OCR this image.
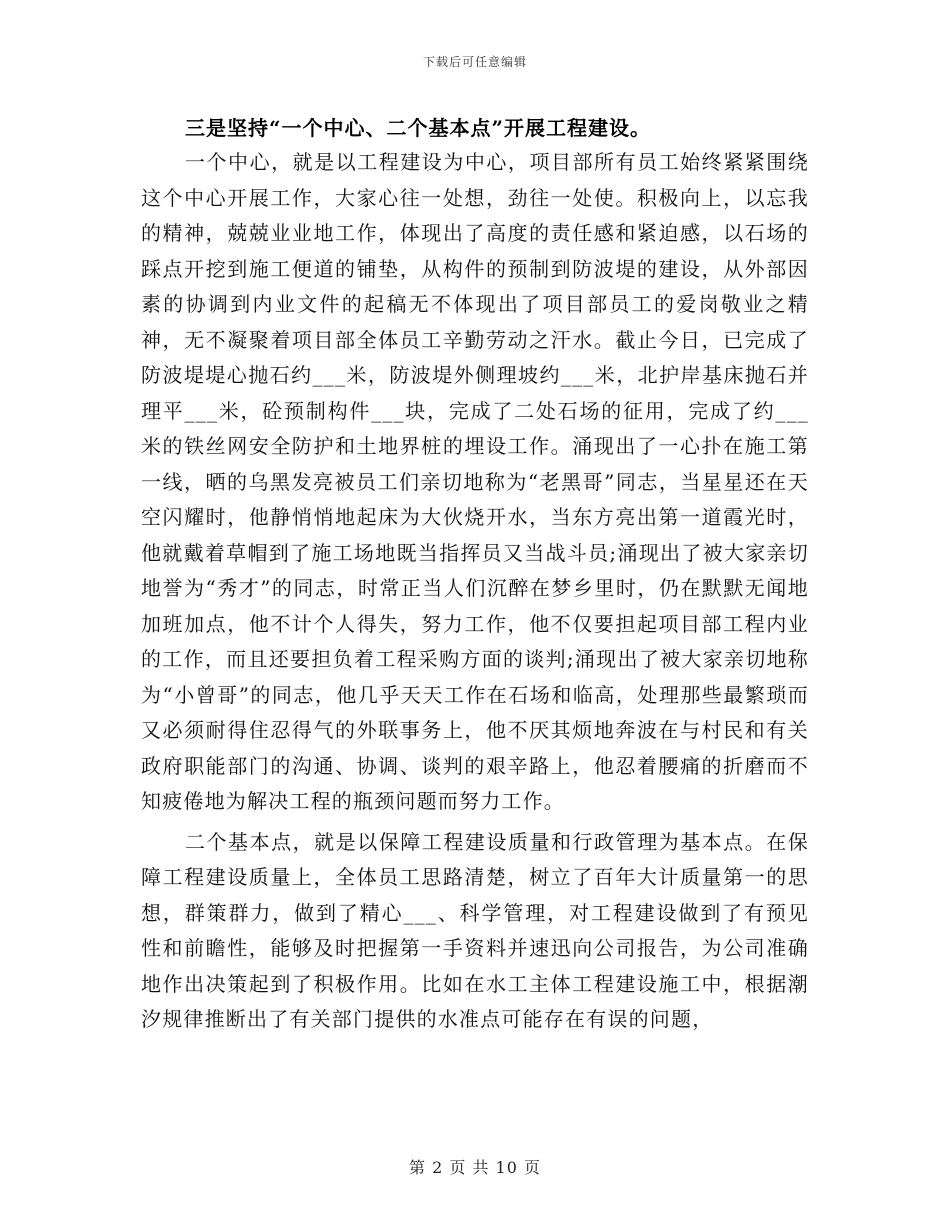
下载后可任意编辑

三是坚持“一个中心、二个基本点”开展工程建设。

一个中心，就是以工程建设为中心，项目部所有员工始终紧紧围绕这个中心开展工作，大家心往一处想，劲往一处使。积极向上，以忘我的精神，兢兢业业地工作，体现出了高度的责任感和紧迫感，以石场的踩点开挖到施工便道的铺垫，从构件的预制到防波堤的建设，从外部因素的协调到内业文件的起稿无不体现出了项目部员工的爱岗敬业之精神，无不凝聚着项目部全体员工辛勤劳动之汗水。截止今日，已完成了防波堤堤心抛石约___米，防波堤外侧理坡约___米，北护岸基床抛石并理平___米，砼预制构件___块，完成了二处石场的征用，完成了约___米的铁丝网安全防护和土地界桩的埋设工作。涌现出了一心扑在施工第一线，晒的乌黑发亮被员工们亲切地称为“老黑哥”同志，当星星还在天空闪耀时，他静悄悄地起床为大伙烧开水，当东方亮出第一道霞光时，他就戴着草帽到了施工场地既当指挥员又当战斗员;涌现出了被大家亲切地誉为“秀才”的同志，时常正当人们沉醉在梦乡里时，仍在默默无闻地加班加点，他不计个人得失，努力工作，他不仅要担起项目部工程内业的工作，而且还要担负着工程采购方面的谈判;涌现出了被大家亲切地称为“小曾哥”的同志，他几乎天天工作在石场和临高，处理那些最繁琐而又必须耐得住忍得气的外联事务上，他不厌其烦地奔波在与村民和有关政府职能部门的沟通、协调、谈判的艰辛路上，他忍着腰痛的折磨而不知疲倦地为解决工程的瓶颈问题而努力工作。

二个基本点，就是以保障工程建设质量和行政管理为基本点。在保障工程建设质量上，全体员工思路清楚，树立了百年大计质量第一的思想，群策群力，做到了精心___、科学管理，对工程建设做到了有预见性和前瞻性，能够及时把握第一手资料并速迅向公司报告，为公司准确地作出决策起到了积极作用。比如在水工主体工程建设施工中，根据潮汐规律推断出了有关部门提供的水准点可能存在有误的问题，

第 2 页 共 10 页
